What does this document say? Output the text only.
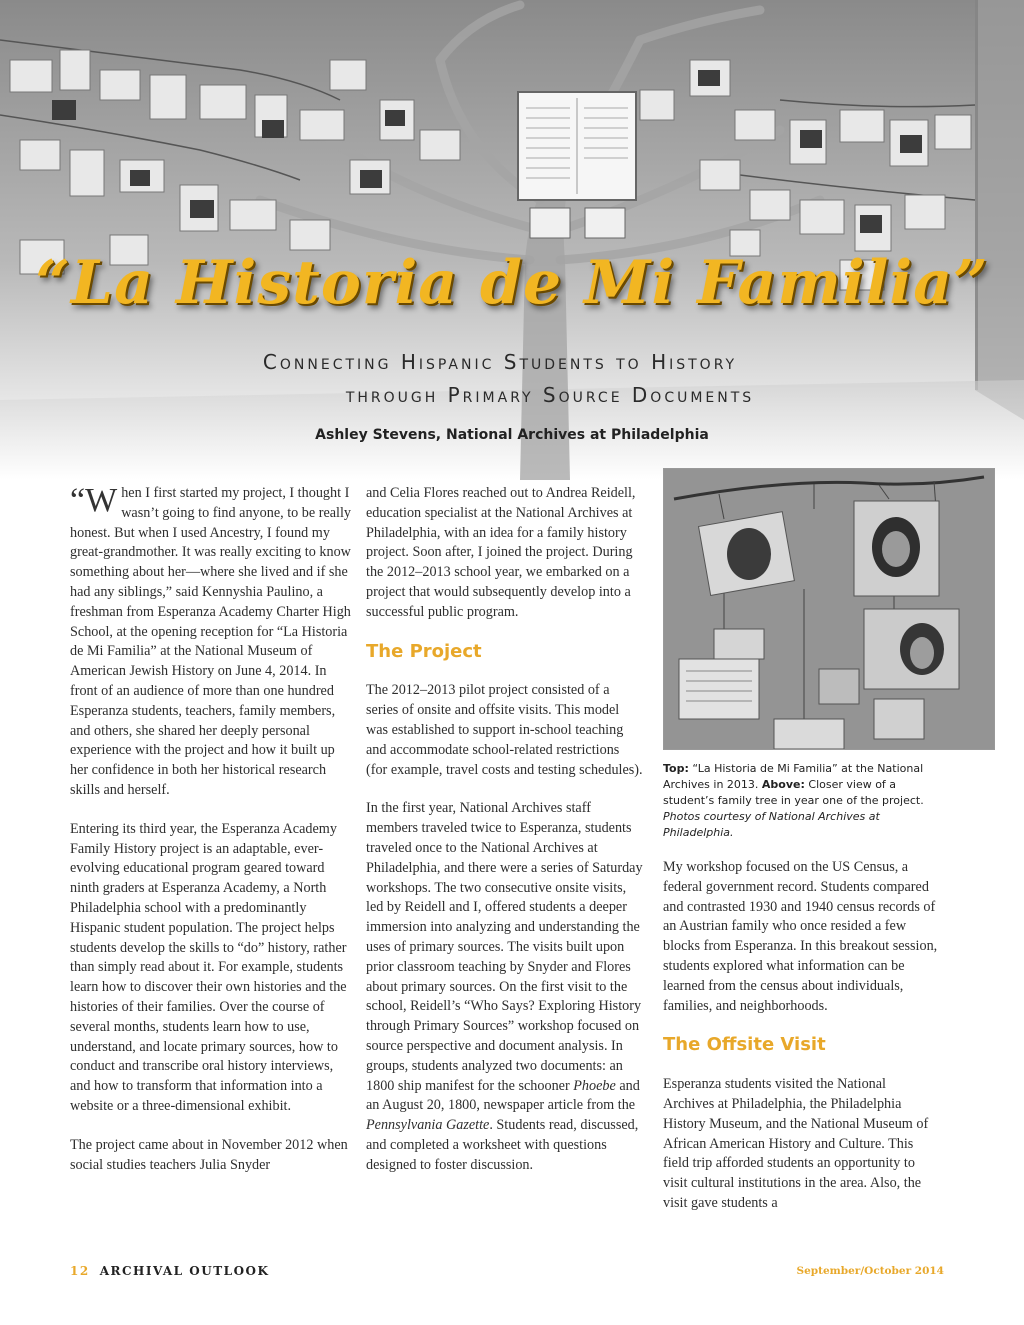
“La Historia de Mi Familia”
Connecting Hispanic Students to History
through Primary Source Documents
Ashley Stevens, National Archives at Philadelphia

“When I first started my project, I thought I wasn’t going to find anyone, to be really honest. But when I used Ancestry, I found my great-grandmother. It was really exciting to know something about her—where she lived and if she had any siblings,” said Kennyshia Paulino, a freshman from Esperanza Academy Charter High School, at the opening reception for “La Historia de Mi Familia” at the National Museum of American Jewish History on June 4, 2014. In front of an audience of more than one hundred Esperanza students, teachers, family members, and others, she shared her deeply personal experience with the project and how it built up her confidence in both her historical research skills and herself.

Entering its third year, the Esperanza Academy Family History project is an adaptable, ever-evolving educational program geared toward ninth graders at Esperanza Academy, a North Philadelphia school with a predominantly Hispanic student population. The project helps students develop the skills to “do” history, rather than simply read about it. For example, students learn how to discover their own histories and the histories of their families. Over the course of several months, students learn how to use, understand, and locate primary sources, how to conduct and transcribe oral history interviews, and how to transform that information into a website or a three-dimensional exhibit.

The project came about in November 2012 when social studies teachers Julia Snyder

and Celia Flores reached out to Andrea Reidell, education specialist at the National Archives at Philadelphia, with an idea for a family history project. Soon after, I joined the project. During the 2012–2013 school year, we embarked on a project that would subsequently develop into a successful public program.

The Project

The 2012–2013 pilot project consisted of a series of onsite and offsite visits. This model was established to support in-school teaching and accommodate school-related restrictions (for example, travel costs and testing schedules).

In the first year, National Archives staff members traveled twice to Esperanza, students traveled once to the National Archives at Philadelphia, and there were a series of Saturday workshops. The two consecutive onsite visits, led by Reidell and I, offered students a deeper immersion into analyzing and understanding the uses of primary sources. The visits built upon prior classroom teaching by Snyder and Flores about primary sources. On the first visit to the school, Reidell’s “Who Says? Exploring History through Primary Sources” workshop focused on source perspective and document analysis. In groups, students analyzed two documents: an 1800 ship manifest for the schooner Phoebe and an August 20, 1800, newspaper article from the Pennsylvania Gazette. Students read, discussed, and completed a worksheet with questions designed to foster discussion.

Top: “La Historia de Mi Familia” at the National Archives in 2013. Above: Closer view of a student’s family tree in year one of the project. Photos courtesy of National Archives at Philadelphia.

My workshop focused on the US Census, a federal government record. Students compared and contrasted 1930 and 1940 census records of an Austrian family who once resided a few blocks from Esperanza. In this breakout session, students explored what information can be learned from the census about individuals, families, and neighborhoods.

The Offsite Visit

Esperanza students visited the National Archives at Philadelphia, the Philadelphia History Museum, and the National Museum of African American History and Culture. This field trip afforded students an opportunity to visit cultural institutions in the area. Also, the visit gave students a

12 ARCHIVAL OUTLOOK	September/October 2014
